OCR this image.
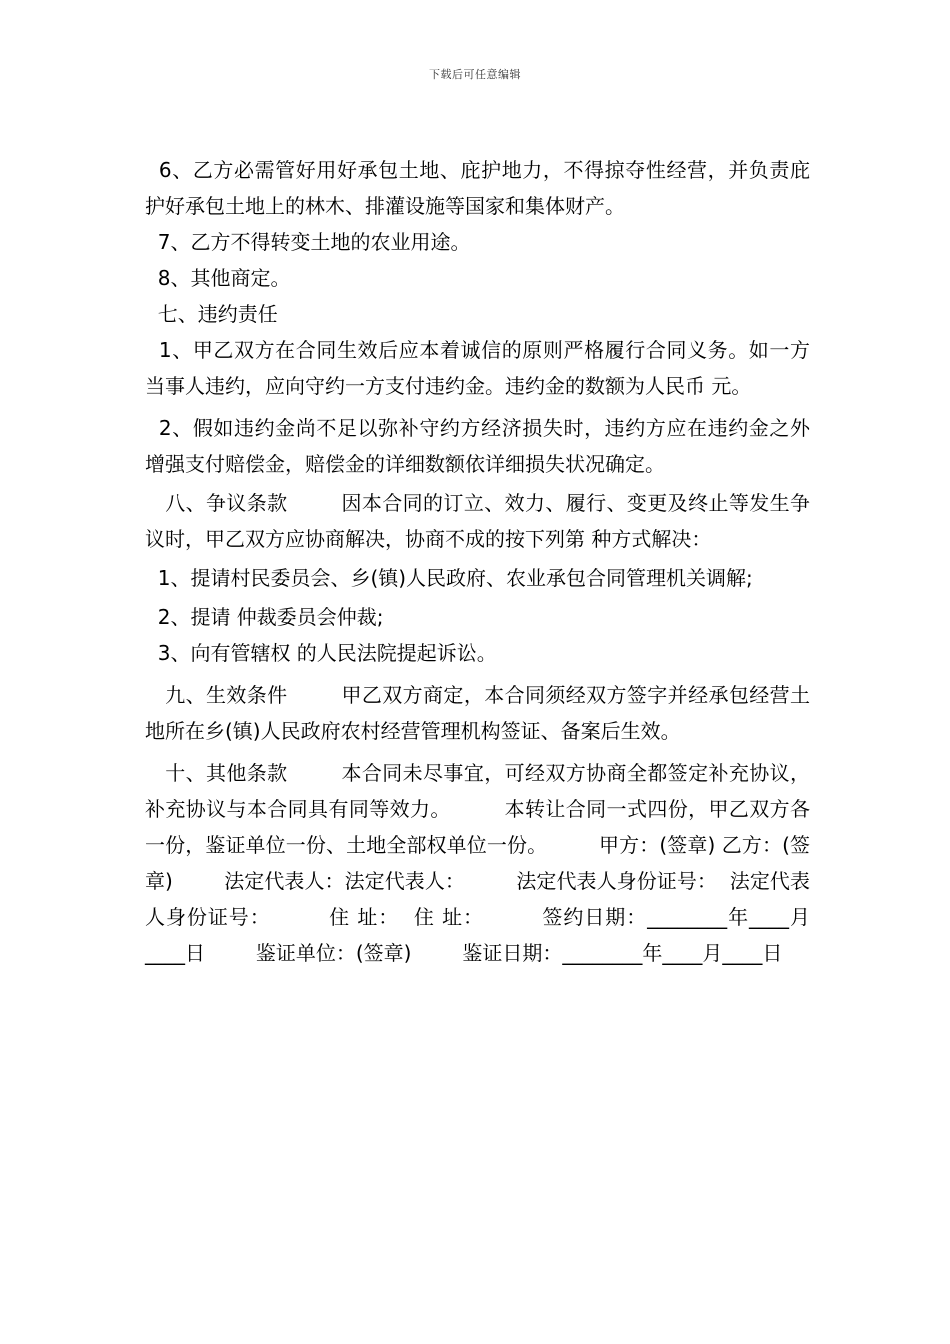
下载后可任意编辑

6、乙方必需管好用好承包土地、庇护地力，不得掠夺性经营，并负责庇护好承包土地上的林木、排灌设施等国家和集体财产。

7、乙方不得转变土地的农业用途。

8、其他商定。

七、违约责任

1、甲乙双方在合同生效后应本着诚信的原则严格履行合同义务。如一方当事人违约，应向守约一方支付违约金。违约金的数额为人民币 元。

2、假如违约金尚不足以弥补守约方经济损失时，违约方应在违约金之外增强支付赔偿金，赔偿金的详细数额依详细损失状况确定。

八、争议条款        因本合同的订立、效力、履行、变更及终止等发生争议时，甲乙双方应协商解决，协商不成的按下列第 种方式解决：

1、提请村民委员会、乡(镇)人民政府、农业承包合同管理机关调解;

2、提请 仲裁委员会仲裁;

3、向有管辖权 的人民法院提起诉讼。

九、生效条件        甲乙双方商定，本合同须经双方签字并经承包经营土地所在乡(镇)人民政府农村经营管理机构签证、备案后生效。

十、其他条款        本合同未尽事宜，可经双方协商全都签定补充协议，补充协议与本合同具有同等效力。        本转让合同一式四份，甲乙双方各一份，鉴证单位一份、土地全部权单位一份。        甲方：(签章) 乙方：(签章)        法定代表人：法定代表人：        法定代表人身份证号：  法定代表人身份证号：        住 址：  住 址：        签约日期：________年____月____日        鉴证单位：(签章)        鉴证日期：________年____月____日
